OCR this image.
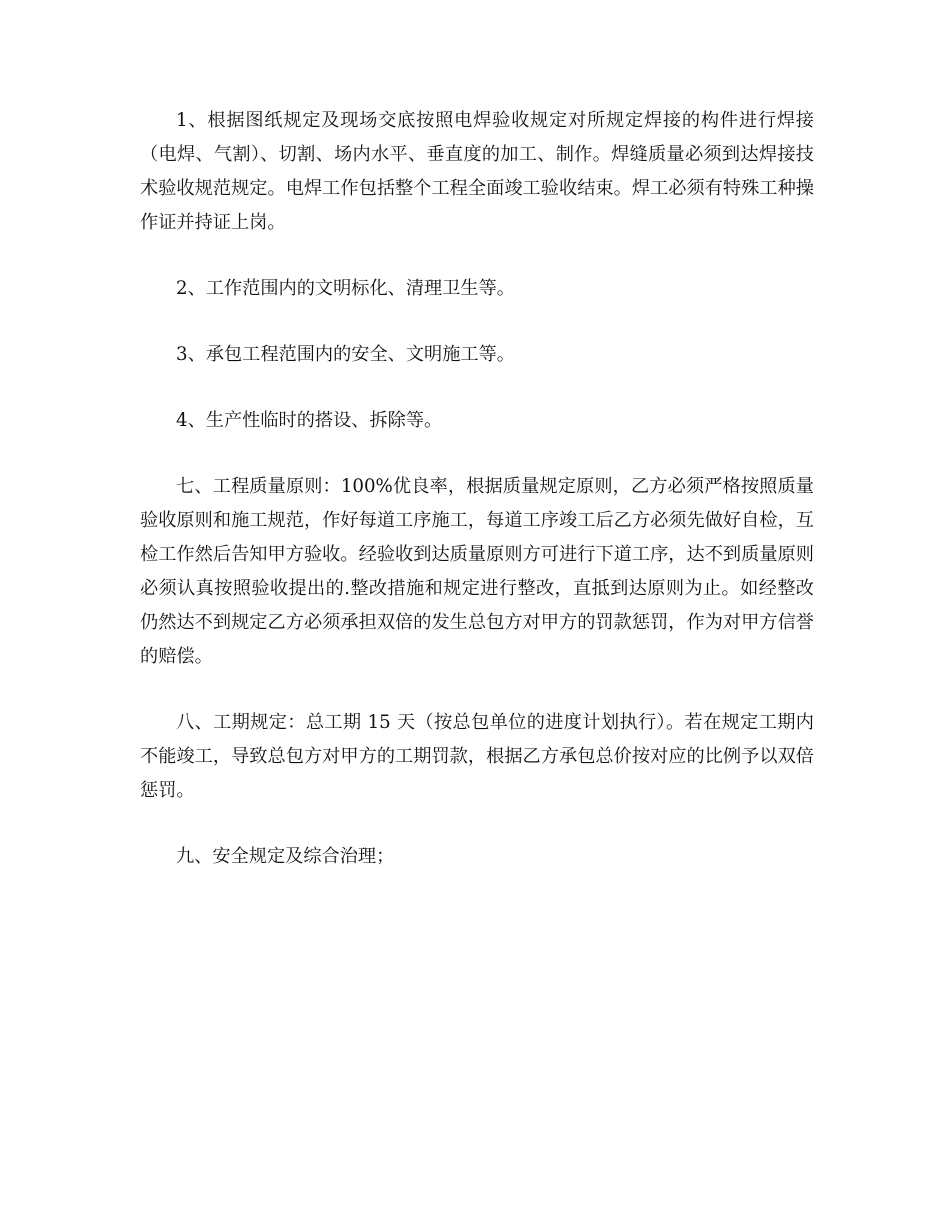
1、根据图纸规定及现场交底按照电焊验收规定对所规定焊接的构件进行焊接（电焊、气割）、切割、场内水平、垂直度的加工、制作。焊缝质量必须到达焊接技术验收规范规定。电焊工作包括整个工程全面竣工验收结束。焊工必须有特殊工种操作证并持证上岗。

2、工作范围内的文明标化、清理卫生等。

3、承包工程范围内的安全、文明施工等。

4、生产性临时的搭设、拆除等。

七、工程质量原则：100%优良率，根据质量规定原则，乙方必须严格按照质量验收原则和施工规范，作好每道工序施工，每道工序竣工后乙方必须先做好自检，互检工作然后告知甲方验收。经验收到达质量原则方可进行下道工序，达不到质量原则必须认真按照验收提出的.整改措施和规定进行整改，直抵到达原则为止。如经整改仍然达不到规定乙方必须承担双倍的发生总包方对甲方的罚款惩罚，作为对甲方信誉的赔偿。

八、工期规定：总工期 15 天（按总包单位的进度计划执行）。若在规定工期内不能竣工，导致总包方对甲方的工期罚款，根据乙方承包总价按对应的比例予以双倍惩罚。

九、安全规定及综合治理；
